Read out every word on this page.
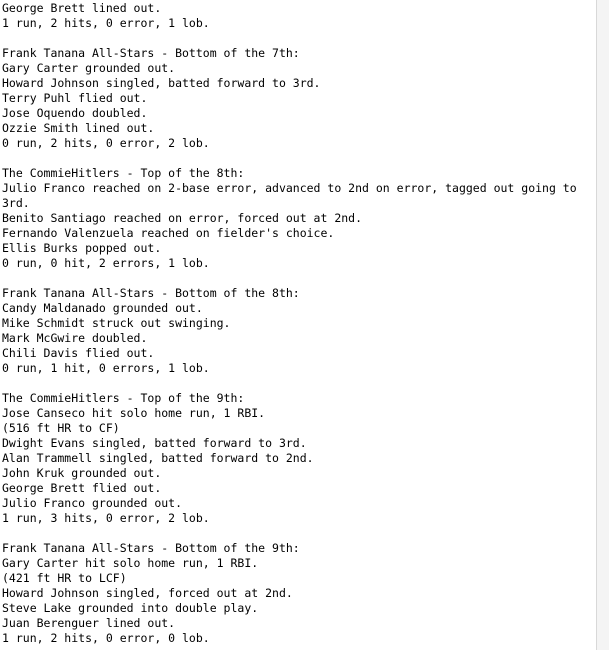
George Brett lined out.
1 run, 2 hits, 0 error, 1 lob.
Frank Tanana All-Stars - Bottom of the 7th:
Gary Carter grounded out.
Howard Johnson singled, batted forward to 3rd.
Terry Puhl flied out.
Jose Oquendo doubled.
Ozzie Smith lined out.
0 run, 2 hits, 0 error, 2 lob.
The CommieHitlers - Top of the 8th:
Julio Franco reached on 2-base error, advanced to 2nd on error, tagged out going to 3rd.
Benito Santiago reached on error, forced out at 2nd.
Fernando Valenzuela reached on fielder's choice.
Ellis Burks popped out.
0 run, 0 hit, 2 errors, 1 lob.
Frank Tanana All-Stars - Bottom of the 8th:
Candy Maldanado grounded out.
Mike Schmidt struck out swinging.
Mark McGwire doubled.
Chili Davis flied out.
0 run, 1 hit, 0 errors, 1 lob.
The CommieHitlers - Top of the 9th:
Jose Canseco hit solo home run, 1 RBI.
(516 ft HR to CF)
Dwight Evans singled, batted forward to 3rd.
Alan Trammell singled, batted forward to 2nd.
John Kruk grounded out.
George Brett flied out.
Julio Franco grounded out.
1 run, 3 hits, 0 error, 2 lob.
Frank Tanana All-Stars - Bottom of the 9th:
Gary Carter hit solo home run, 1 RBI.
(421 ft HR to LCF)
Howard Johnson singled, forced out at 2nd.
Steve Lake grounded into double play.
Juan Berenguer lined out.
1 run, 2 hits, 0 error, 0 lob.
